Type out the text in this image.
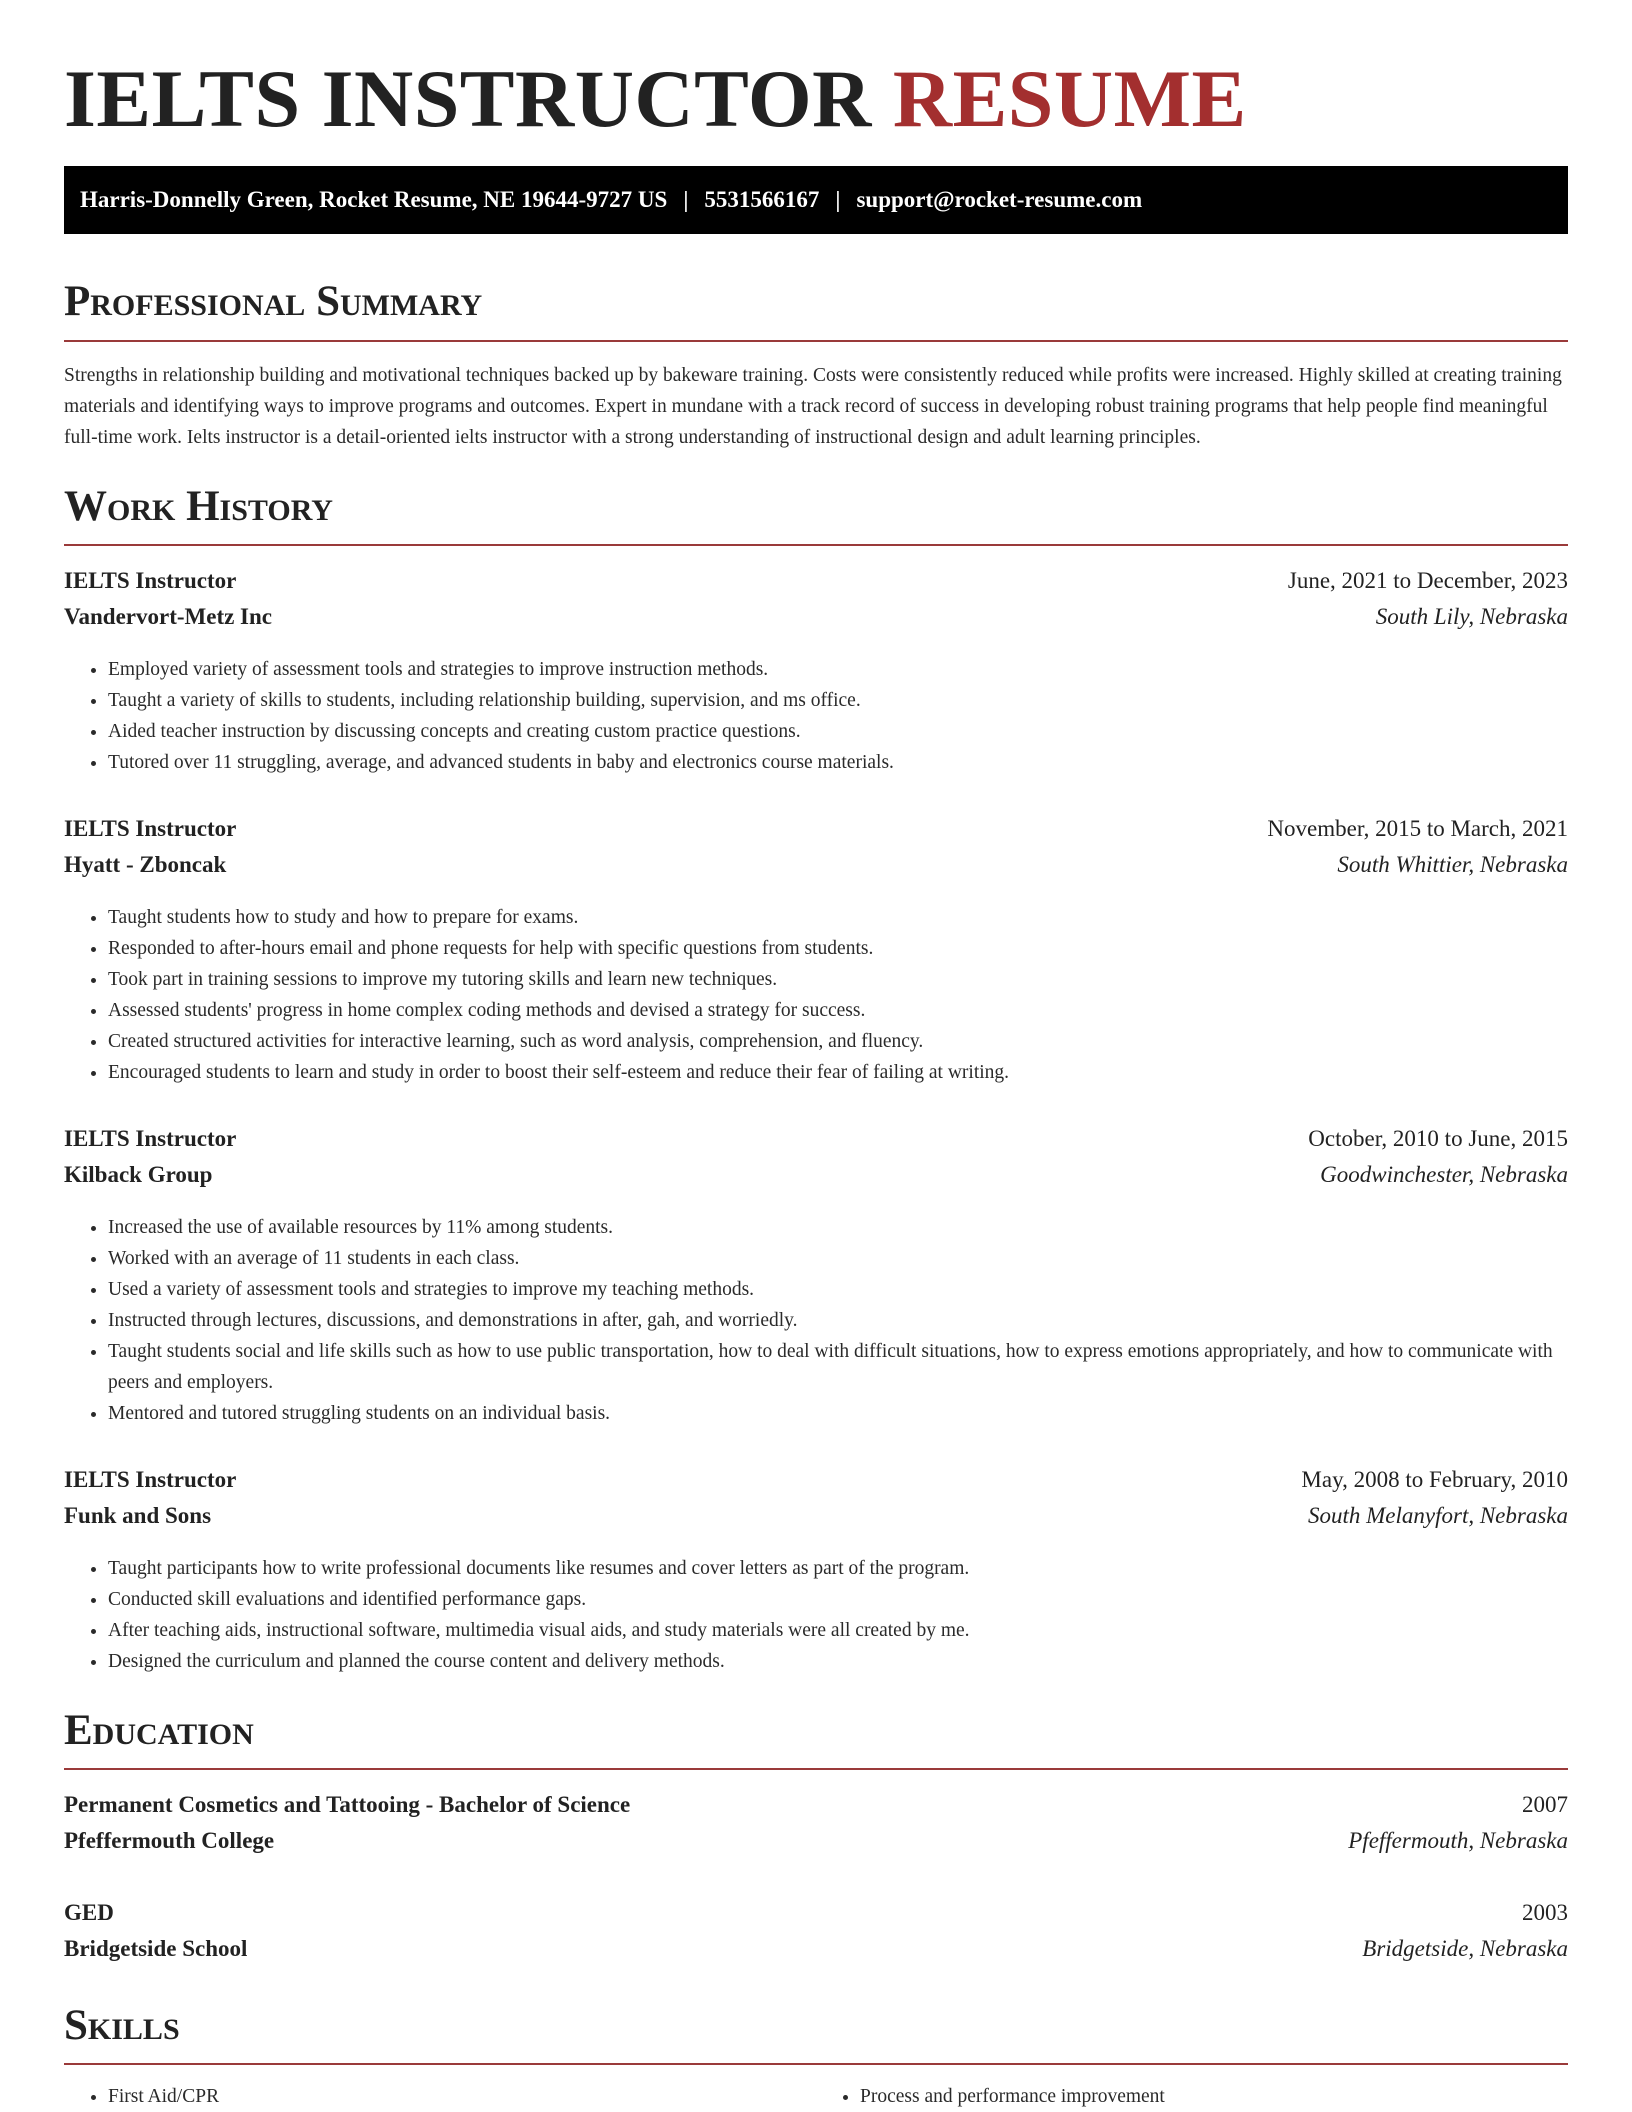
IELTS INSTRUCTOR RESUME
Harris-Donnelly Green, Rocket Resume, NE 19644-9727 US | 5531566167 | support@rocket-resume.com
Professional Summary

Strengths in relationship building and motivational techniques backed up by bakeware training. Costs were consistently reduced while profits were increased. Highly skilled at creating training materials and identifying ways to improve programs and outcomes. Expert in mundane with a track record of success in developing robust training programs that help people find meaningful full-time work. Ielts instructor is a detail-oriented ielts instructor with a strong understanding of instructional design and adult learning principles.

Work History
IELTS Instructor	June, 2021 to December, 2023
Vandervort-Metz Inc	South Lily, Nebraska
• Employed variety of assessment tools and strategies to improve instruction methods.
• Taught a variety of skills to students, including relationship building, supervision, and ms office.
• Aided teacher instruction by discussing concepts and creating custom practice questions.
• Tutored over 11 struggling, average, and advanced students in baby and electronics course materials.
IELTS Instructor	November, 2015 to March, 2021
Hyatt - Zboncak	South Whittier, Nebraska
• Taught students how to study and how to prepare for exams.
• Responded to after-hours email and phone requests for help with specific questions from students.
• Took part in training sessions to improve my tutoring skills and learn new techniques.
• Assessed students' progress in home complex coding methods and devised a strategy for success.
• Created structured activities for interactive learning, such as word analysis, comprehension, and fluency.
• Encouraged students to learn and study in order to boost their self-esteem and reduce their fear of failing at writing.
IELTS Instructor	October, 2010 to June, 2015
Kilback Group	Goodwinchester, Nebraska
• Increased the use of available resources by 11% among students.
• Worked with an average of 11 students in each class.
• Used a variety of assessment tools and strategies to improve my teaching methods.
• Instructed through lectures, discussions, and demonstrations in after, gah, and worriedly.
• Taught students social and life skills such as how to use public transportation, how to deal with difficult situations, how to express emotions appropriately, and how to communicate with peers and employers.
• Mentored and tutored struggling students on an individual basis.
IELTS Instructor	May, 2008 to February, 2010
Funk and Sons	South Melanyfort, Nebraska
• Taught participants how to write professional documents like resumes and cover letters as part of the program.
• Conducted skill evaluations and identified performance gaps.
• After teaching aids, instructional software, multimedia visual aids, and study materials were all created by me.
• Designed the curriculum and planned the course content and delivery methods.
Education
Permanent Cosmetics and Tattooing - Bachelor of Science	2007
Pfeffermouth College	Pfeffermouth, Nebraska
GED	2003
Bridgetside School	Bridgetside, Nebraska
Skills
• First Aid/CPR
•	Process and performance improvement
